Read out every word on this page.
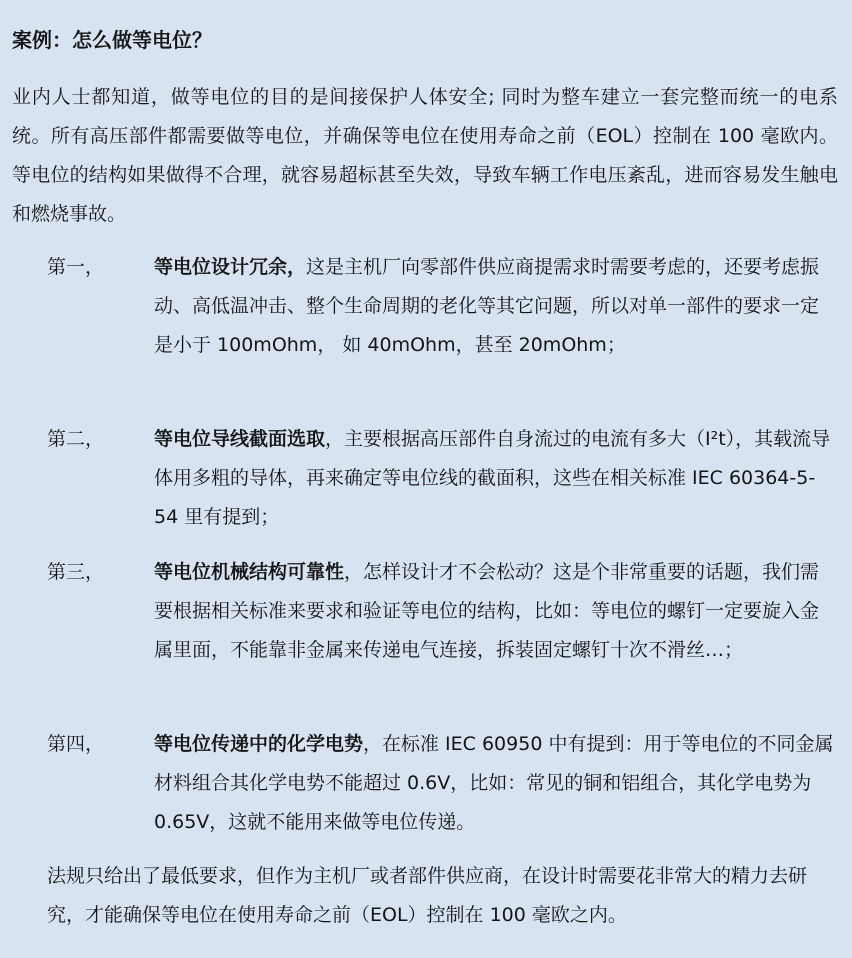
案例：怎么做等电位？

业内人士都知道，做等电位的目的是间接保护人体安全; 同时为整车建立一套完整而统一的电系统。所有高压部件都需要做等电位，并确保等电位在使用寿命之前（EOL）控制在 100 毫欧内。等电位的结构如果做得不合理，就容易超标甚至失效，导致车辆工作电压紊乱，进而容易发生触电和燃烧事故。

第一，	等电位设计冗余，这是主机厂向零部件供应商提需求时需要考虑的，还要考虑振动、高低温冲击、整个生命周期的老化等其它问题，所以对单一部件的要求一定是小于 100mOhm， 如 40mOhm，甚至 20mOhm；
第二，	等电位导线截面选取，主要根据高压部件自身流过的电流有多大（I²t），其载流导体用多粗的导体，再来确定等电位线的截面积，这些在相关标准 IEC 60364-5-54 里有提到；
第三，	等电位机械结构可靠性，怎样设计才不会松动？这是个非常重要的话题，我们需要根据相关标准来要求和验证等电位的结构，比如：等电位的螺钉一定要旋入金属里面，不能靠非金属来传递电气连接，拆装固定螺钉十次不滑丝…；
第四，	等电位传递中的化学电势，在标准 IEC 60950 中有提到：用于等电位的不同金属材料组合其化学电势不能超过 0.6V，比如：常见的铜和铝组合，其化学电势为 0.65V，这就不能用来做等电位传递。

法规只给出了最低要求，但作为主机厂或者部件供应商，在设计时需要花非常大的精力去研究，才能确保等电位在使用寿命之前（EOL）控制在 100 毫欧之内。
